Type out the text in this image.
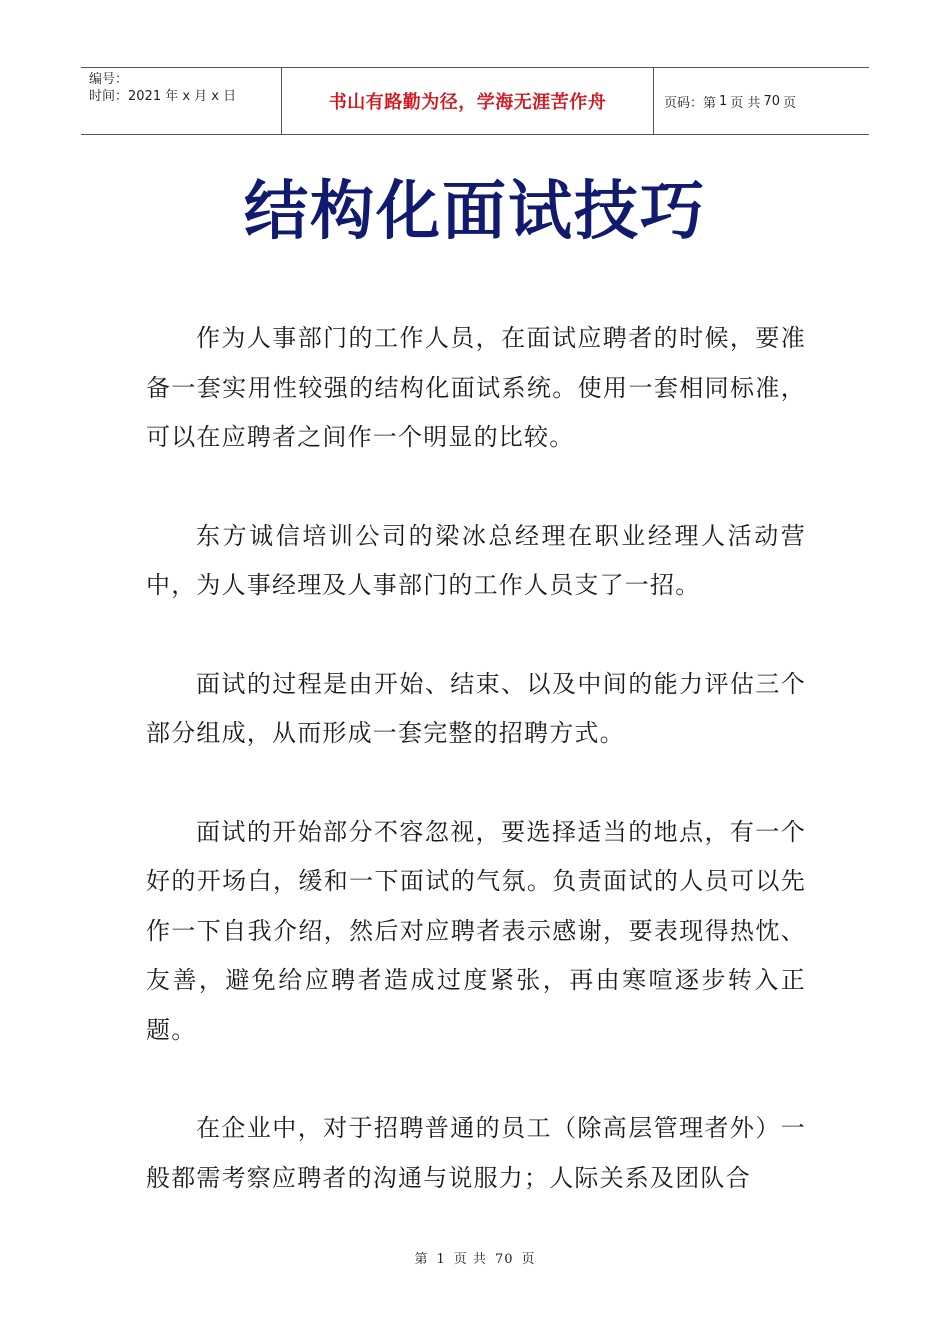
编号：
时间：2021 年 x 月 x 日	书山有路勤为径，学海无涯苦作舟	页码：第 1 页 共 70 页
结构化面试技巧

作为人事部门的工作人员，在面试应聘者的时候，要准备一套实用性较强的结构化面试系统。使用一套相同标准，可以在应聘者之间作一个明显的比较。

东方诚信培训公司的梁冰总经理在职业经理人活动营中，为人事经理及人事部门的工作人员支了一招。

面试的过程是由开始、结束、以及中间的能力评估三个部分组成，从而形成一套完整的招聘方式。

面试的开始部分不容忽视，要选择适当的地点，有一个好的开场白，缓和一下面试的气氛。负责面试的人员可以先作一下自我介绍，然后对应聘者表示感谢，要表现得热忱、友善，避免给应聘者造成过度紧张，再由寒喧逐步转入正题。

在企业中，对于招聘普通的员工（除高层管理者外）一般都需考察应聘者的沟通与说服力；人际关系及团队合

第 1 页 共 70 页
